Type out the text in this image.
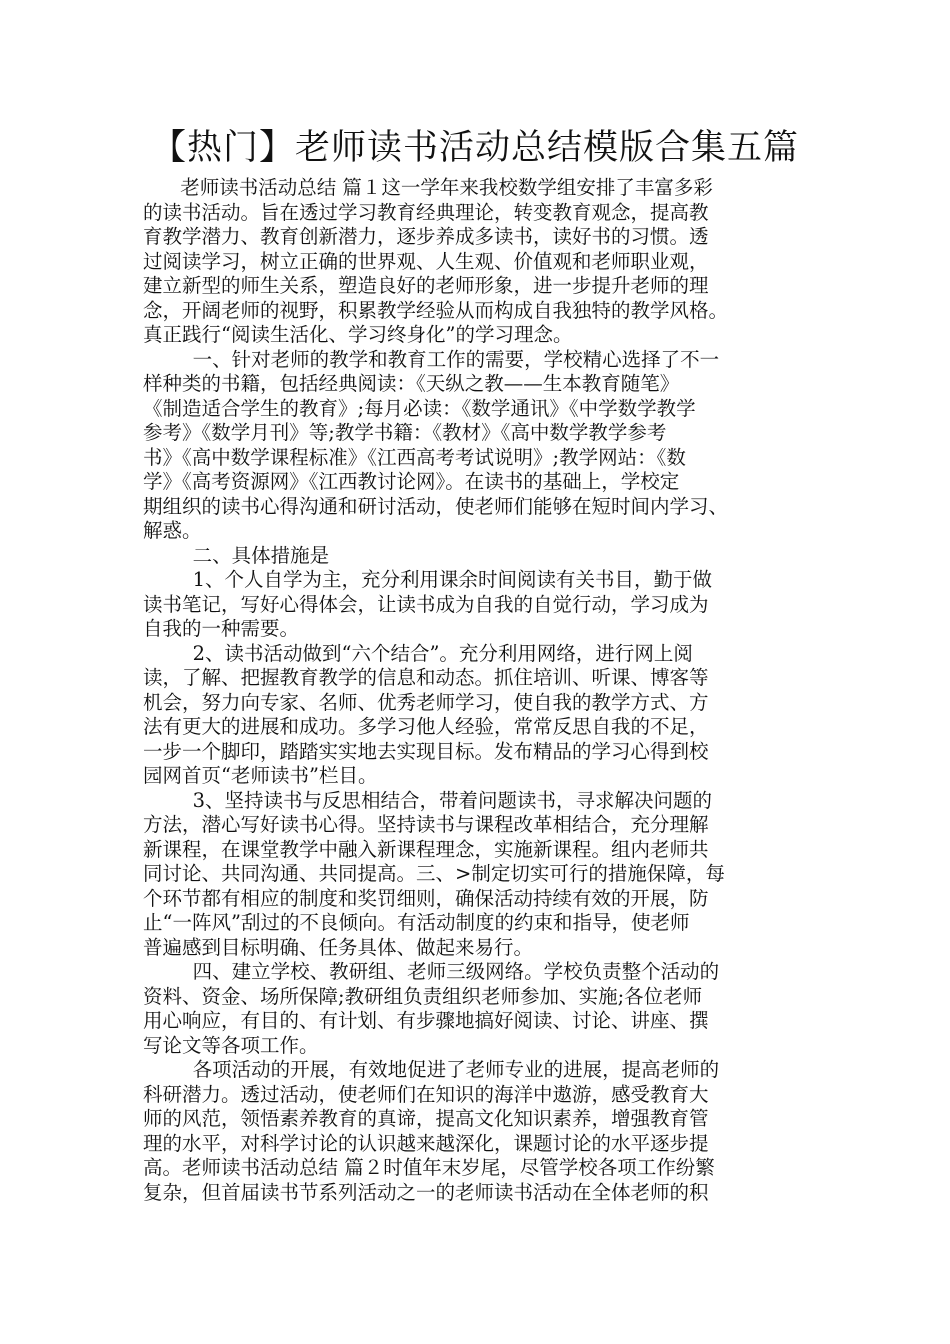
【热门】老师读书活动总结模版合集五篇
老师读书活动总结 篇１这一学年来我校数学组安排了丰富多彩
的读书活动。旨在透过学习教育经典理论，转变教育观念，提高教
育教学潜力、教育创新潜力，逐步养成多读书，读好书的习惯。透
过阅读学习，树立正确的世界观、人生观、价值观和老师职业观，
建立新型的师生关系，塑造良好的老师形象，进一步提升老师的理
念，开阔老师的视野，积累教学经验从而构成自我独特的教学风格。
真正践行“阅读生活化、学习终身化”的学习理念。
一、针对老师的教学和教育工作的需要，学校精心选择了不一
样种类的书籍，包括经典阅读：《天纵之教——生本教育随笔》
《制造适合学生的教育》;每月必读：《数学通讯》《中学数学教学
参考》《数学月刊》等;教学书籍：《教材》《高中数学教学参考
书》《高中数学课程标准》《江西高考考试说明》;教学网站：《数
学》《高考资源网》《江西教讨论网》。在读书的基础上，学校定
期组织的读书心得沟通和研讨活动，使老师们能够在短时间内学习、
解惑。
二、具体措施是
1、个人自学为主，充分利用课余时间阅读有关书目，勤于做
读书笔记，写好心得体会，让读书成为自我的自觉行动，学习成为
自我的一种需要。
2、读书活动做到“六个结合”。充分利用网络，进行网上阅
读，了解、把握教育教学的信息和动态。抓住培训、听课、博客等
机会，努力向专家、名师、优秀老师学习，使自我的教学方式、方
法有更大的进展和成功。多学习他人经验，常常反思自我的不足，
一步一个脚印，踏踏实实地去实现目标。发布精品的学习心得到校
园网首页“老师读书”栏目。
3、坚持读书与反思相结合，带着问题读书，寻求解决问题的
方法，潜心写好读书心得。坚持读书与课程改革相结合，充分理解
新课程，在课堂教学中融入新课程理念，实施新课程。组内老师共
同讨论、共同沟通、共同提高。三、>制定切实可行的措施保障，每
个环节都有相应的制度和奖罚细则，确保活动持续有效的开展，防
止“一阵风”刮过的不良倾向。有活动制度的约束和指导，使老师
普遍感到目标明确、任务具体、做起来易行。
四、建立学校、教研组、老师三级网络。学校负责整个活动的
资料、资金、场所保障;教研组负责组织老师参加、实施;各位老师
用心响应，有目的、有计划、有步骤地搞好阅读、讨论、讲座、撰
写论文等各项工作。
各项活动的开展，有效地促进了老师专业的进展，提高老师的
科研潜力。透过活动，使老师们在知识的海洋中遨游，感受教育大
师的风范，领悟素养教育的真谛，提高文化知识素养，增强教育管
理的水平，对科学讨论的认识越来越深化，课题讨论的水平逐步提
高。老师读书活动总结 篇２时值年末岁尾，尽管学校各项工作纷繁
复杂，但首届读书节系列活动之一的老师读书活动在全体老师的积
